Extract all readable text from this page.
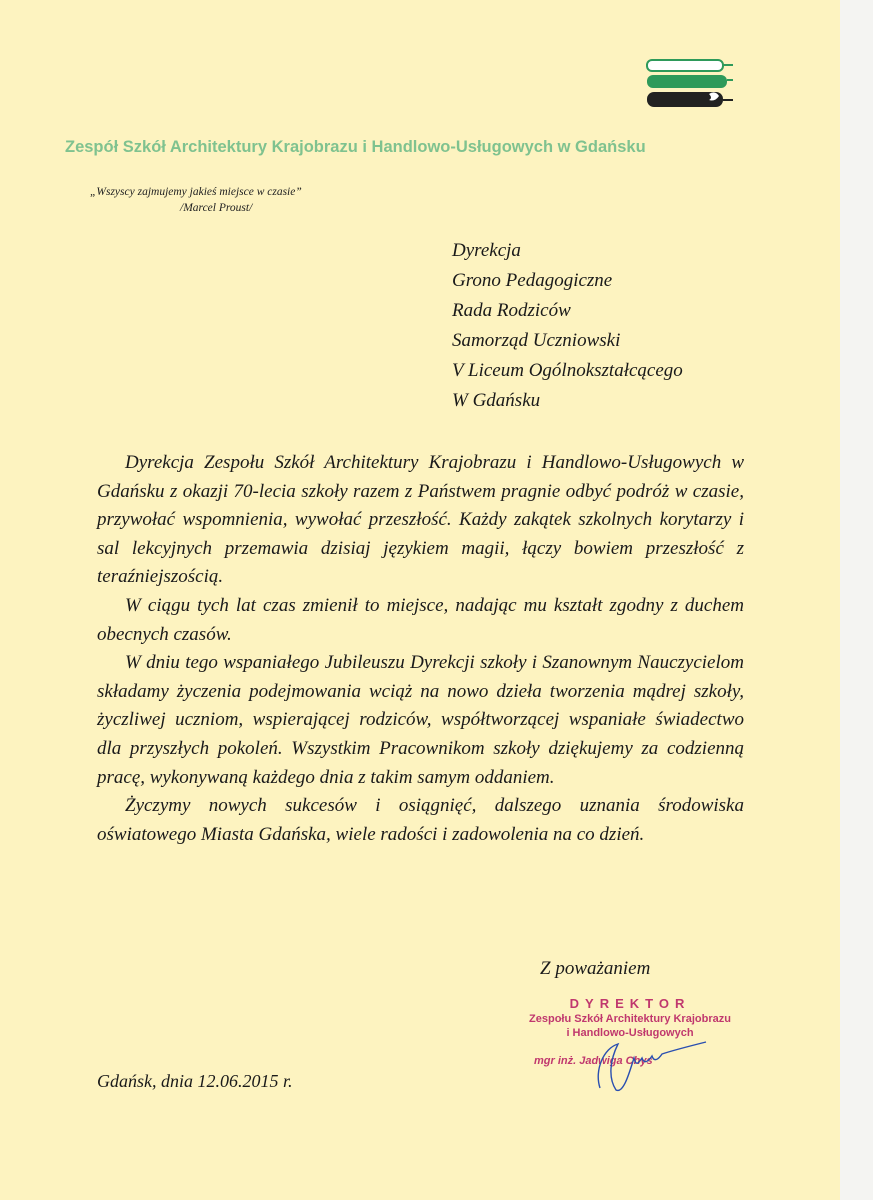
Zespół Szkół Architektury Krajobrazu i Handlowo-Usługowych w Gdańsku
„Wszyscy zajmujemy jakieś miejsce w czasie”
/Marcel Proust/
Dyrekcja
Grono Pedagogiczne
Rada Rodziców
Samorząd Uczniowski
V Liceum Ogólnokształcącego
W Gdańsku

Dyrekcja Zespołu Szkół Architektury Krajobrazu i Handlowo-Usługowych w Gdańsku z okazji 70-lecia szkoły razem z Państwem pragnie odbyć podróż w czasie, przywołać wspomnienia, wywołać przeszłość. Każdy zakątek szkolnych korytarzy i sal lekcyjnych przemawia dzisiaj językiem magii, łączy bowiem przeszłość z teraźniejszością.

W ciągu tych lat czas zmienił to miejsce, nadając mu kształt zgodny z duchem obecnych czasów.

W dniu tego wspaniałego Jubileuszu Dyrekcji szkoły i Szanownym Nauczycielom składamy życzenia podejmowania wciąż na nowo dzieła tworzenia mądrej szkoły, życzliwej uczniom, wspierającej rodziców, współtworzącej wspaniałe świadectwo dla przyszłych pokoleń. Wszystkim Pracownikom szkoły dziękujemy za codzienną pracę, wykonywaną każdego dnia z takim samym oddaniem.

Życzymy nowych sukcesów i osiągnięć, dalszego uznania środowiska oświatowego Miasta Gdańska, wiele radości i zadowolenia na co dzień.

Z poważaniem
DYREKTOR
Zespołu Szkół Architektury Krajobrazu
i Handlowo-Usługowych
mgr inż. Jadwiga Chys
Gdańsk, dnia 12.06.2015 r.
